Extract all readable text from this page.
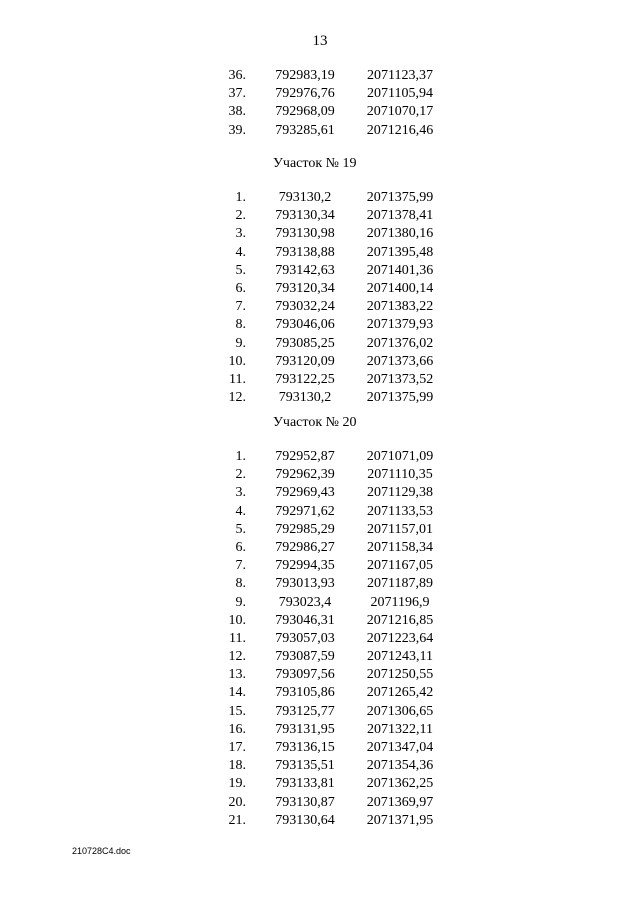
13
36. 792983,19 2071123,37
37. 792976,76 2071105,94
38. 792968,09 2071070,17
39. 793285,61 2071216,46
Участок № 19
1.	793130,2	2071375,99
2. 793130,34 2071378,41
3. 793130,98 2071380,16
4. 793138,88 2071395,48
5. 793142,63 2071401,36
6. 793120,34 2071400,14
7. 793032,24 2071383,22
8. 793046,06 2071379,93
9. 793085,25 2071376,02
10. 793120,09 2071373,66
11. 793122,25 2071373,52
12.	793130,2	2071375,99
Участок № 20
1. 792952,87 2071071,09
2. 792962,39 2071110,35
3. 792969,43 2071129,38
4. 792971,62 2071133,53
5. 792985,29 2071157,01
6. 792986,27 2071158,34
7. 792994,35 2071167,05
8. 793013,93 2071187,89
9.	793023,4	2071196,9
10. 793046,31 2071216,85
11. 793057,03 2071223,64
12. 793087,59 2071243,11
13. 793097,56 2071250,55
14. 793105,86 2071265,42
15. 793125,77 2071306,65
16. 793131,95 2071322,11
17. 793136,15 2071347,04
18. 793135,51 2071354,36
19. 793133,81 2071362,25
20. 793130,87 2071369,97
21. 793130,64 2071371,95
210728C4.doc
